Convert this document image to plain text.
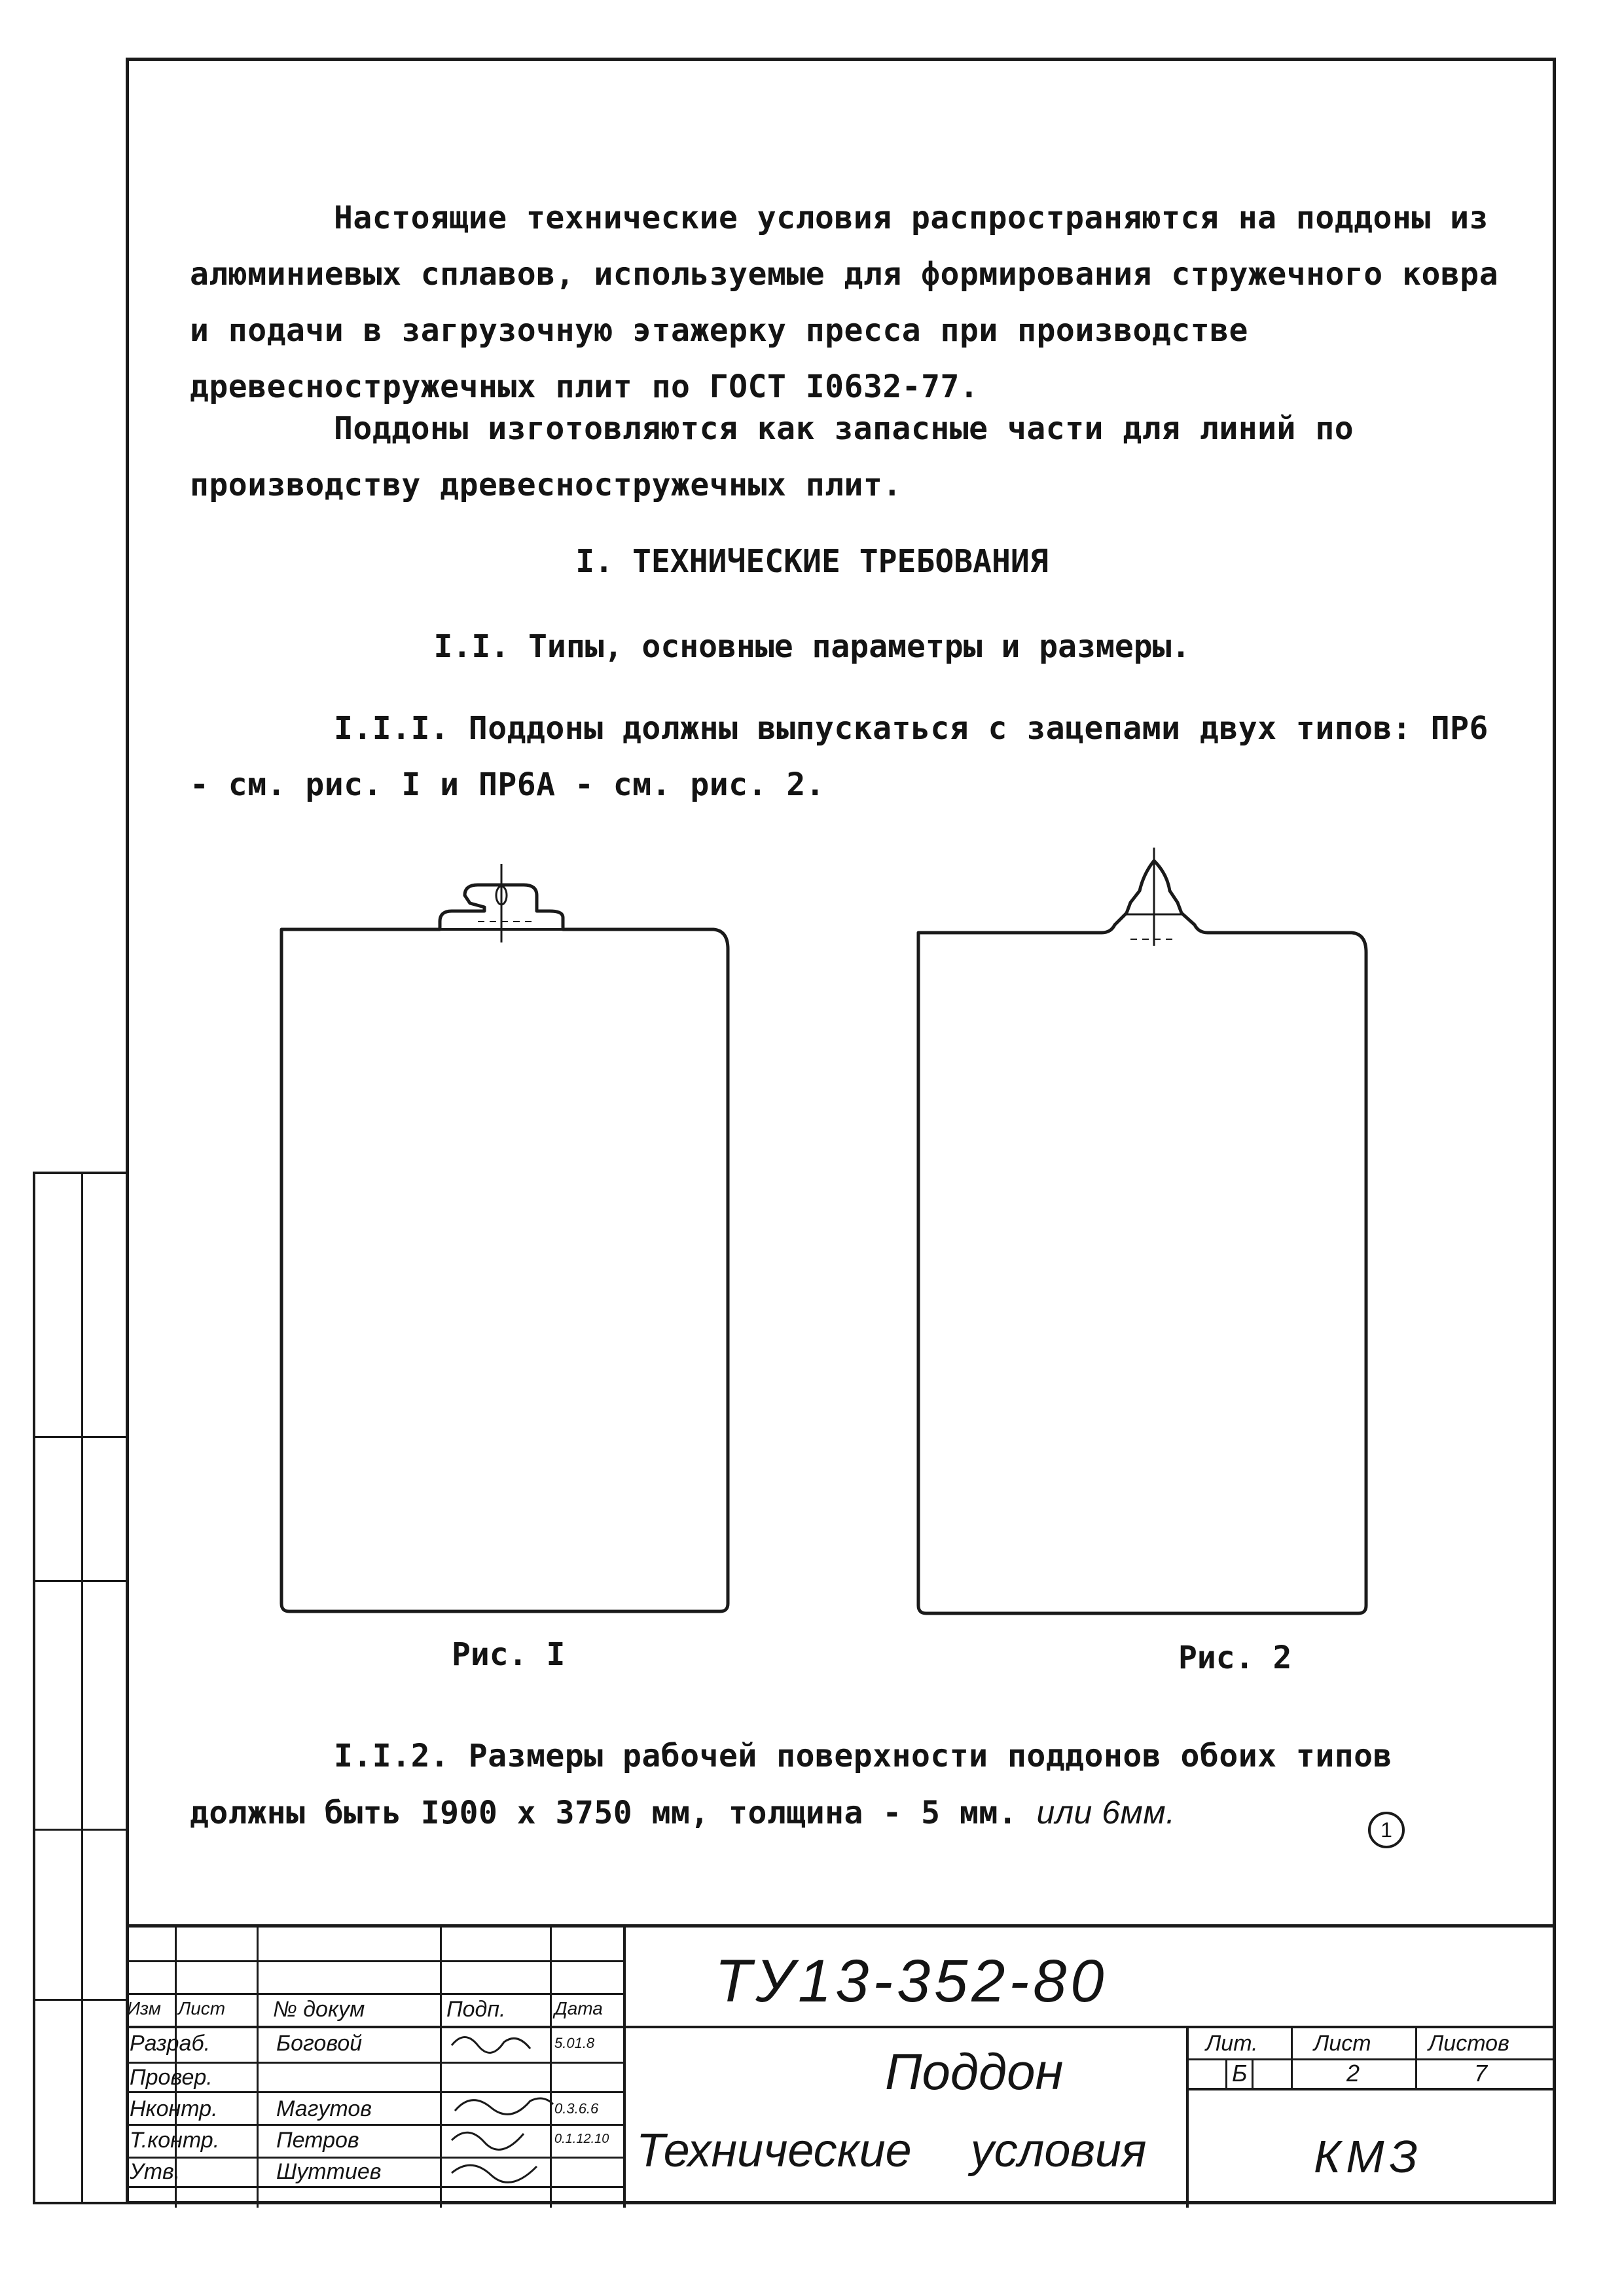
Настоящие технические условия распространяются на поддоны из алюминиевых сплавов, используемые для формирования стружечного ковра и подачи в загрузочную этажерку пресса при производстве древесностружечных плит по ГОСТ I0632-77.

Поддоны изготовляются как запасные части для линий по производству древесностружечных плит.

I. ТЕХНИЧЕСКИЕ ТРЕБОВАНИЯ

I.I. Типы, основные параметры и размеры.

I.I.I. Поддоны должны выпускаться с зацепами двух типов: ПР6 - см. рис. I и ПР6А - см. рис. 2.

Рис. I	Рис. 2

I.I.2. Размеры рабочей поверхности поддонов обоих типов должны быть I900 x 3750 мм, толщина - 5 мм. или 6мм.	1
Изм Лист № докум	Подп.	Дата
Разраб.	Боговой	5.01.8
Провер.
Нконтр.	Магутов	0.3.6.6
Т.контр.	Петров	0.1.12.10
Утв.	Шуттиев
ТУ13-352-80
Поддон
Технические условия
Лит.	Лист	Листов
Б	2	7
КМЗ
